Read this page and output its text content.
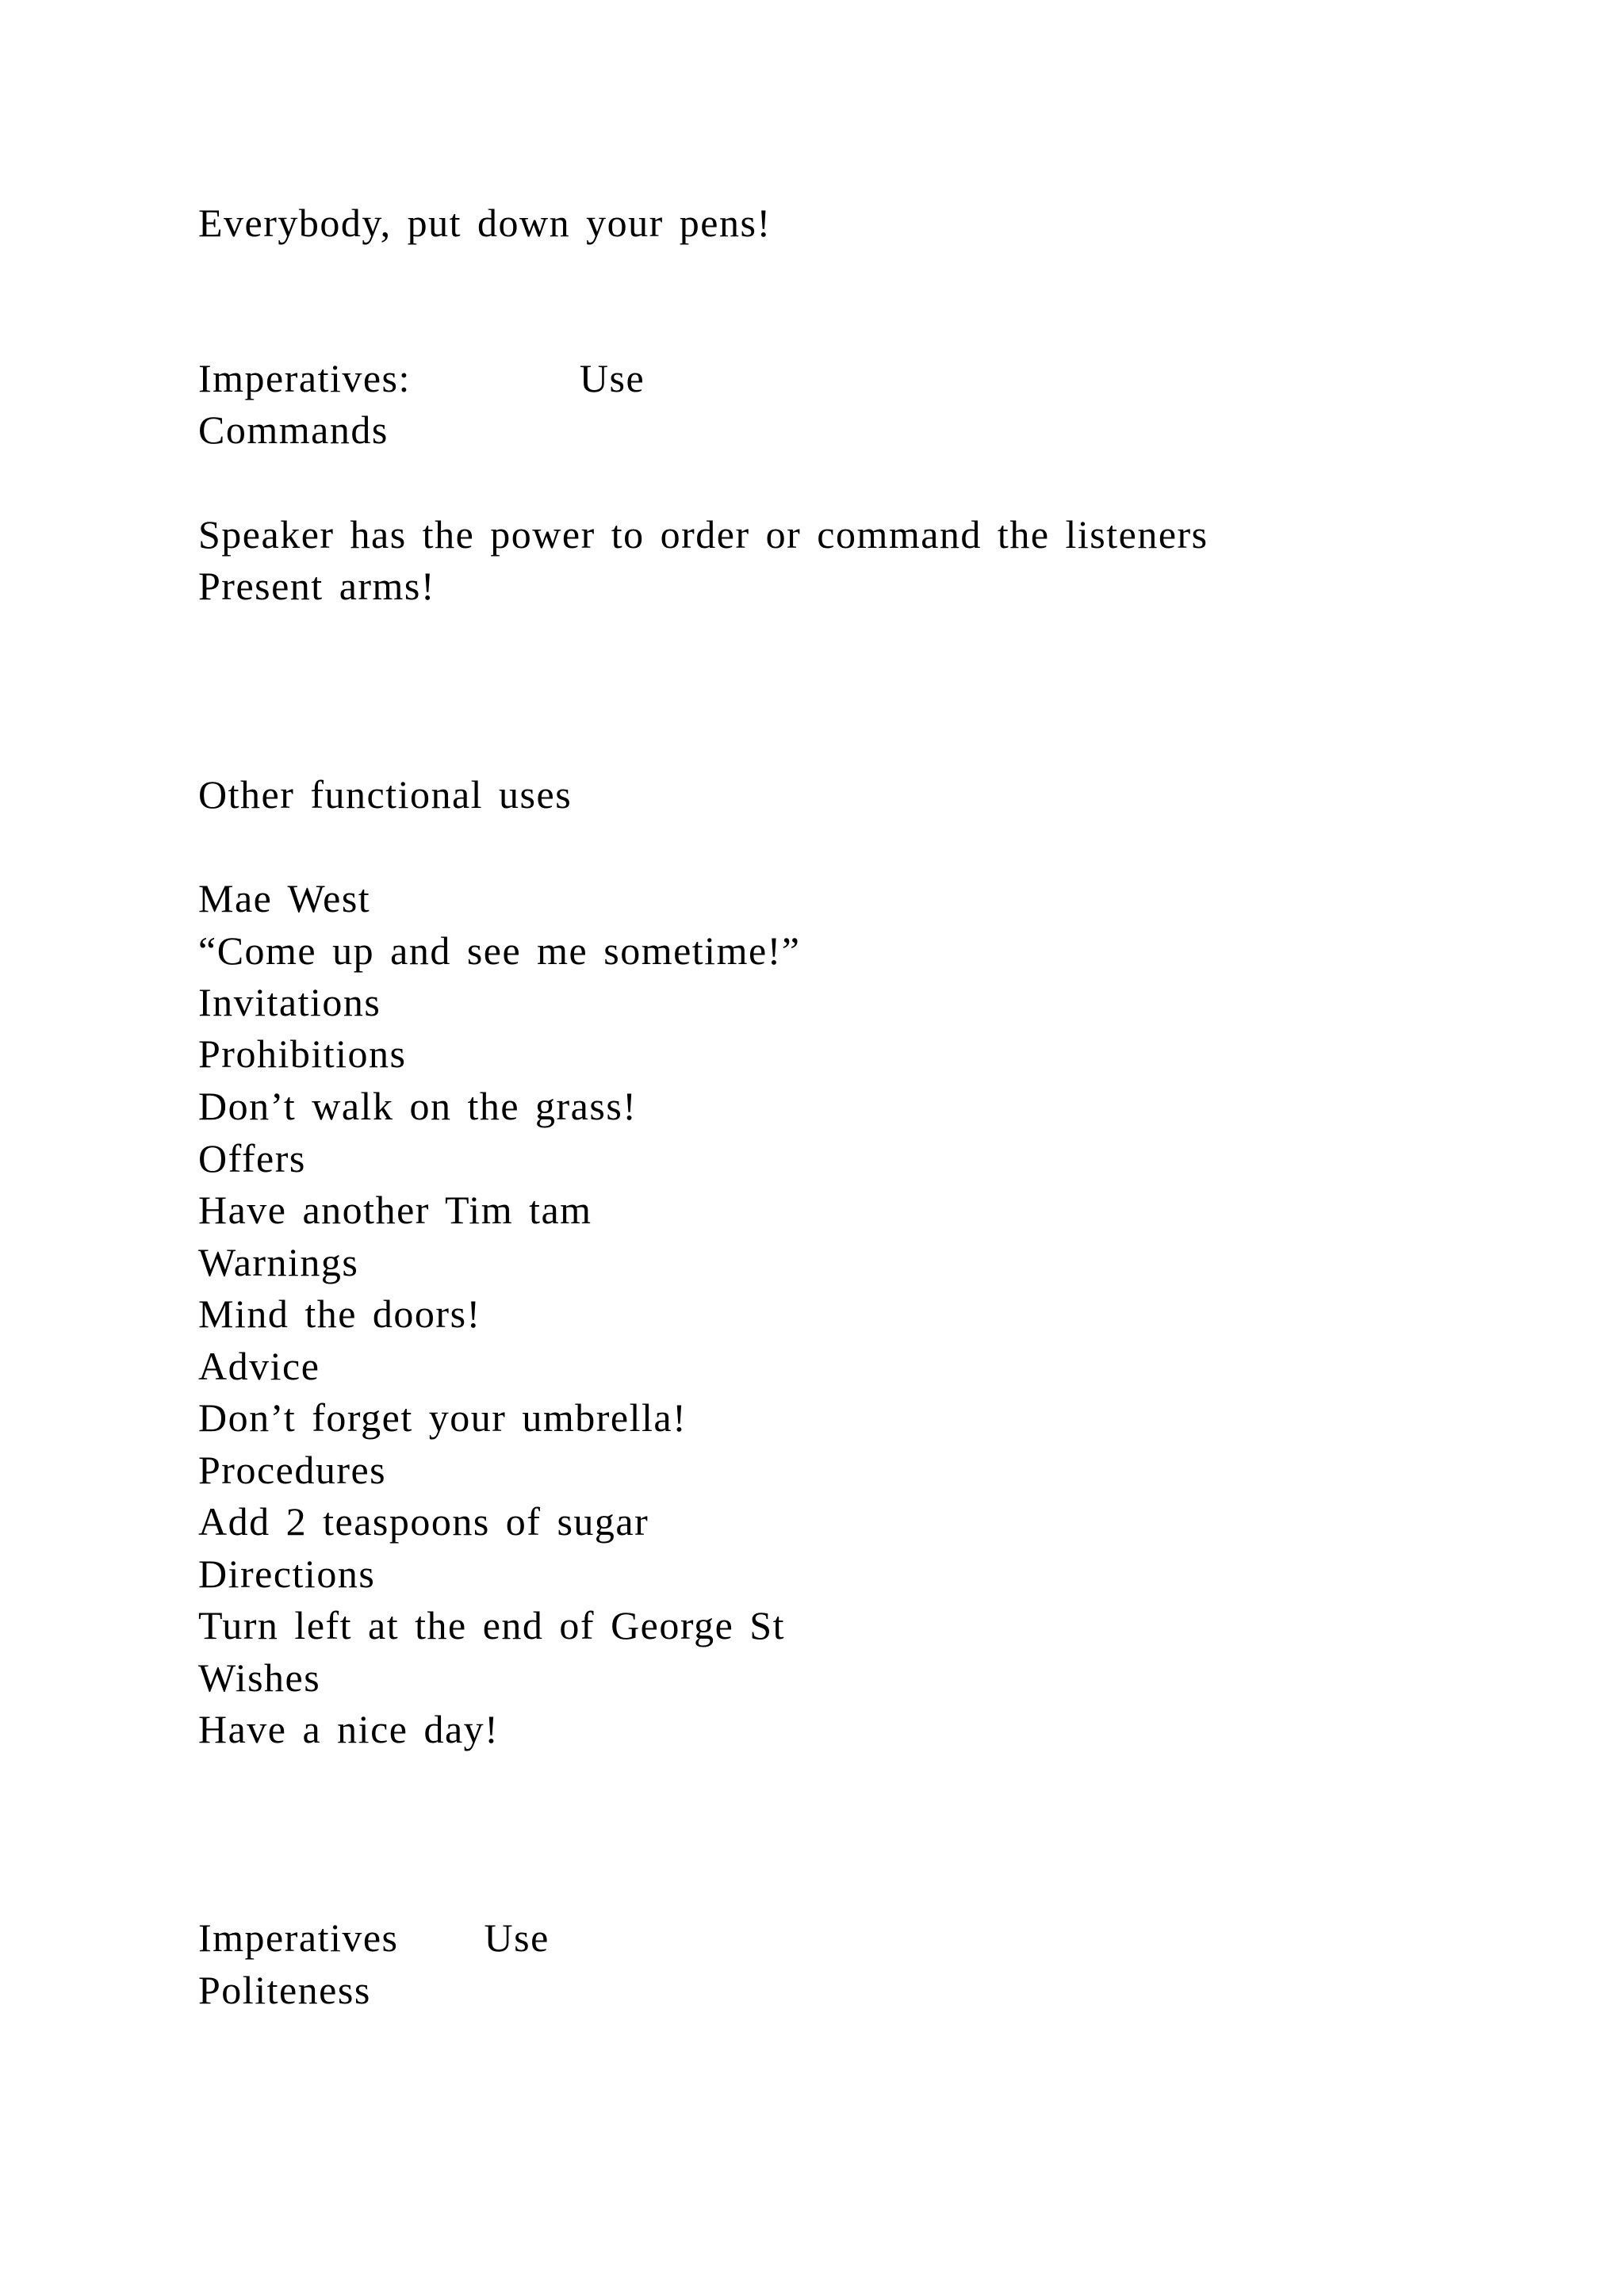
Everybody, put down your pens!
Imperatives:	Use
Commands
Speaker has the power to order or command the listeners
Present arms!
Other functional uses
Mae West
“Come up and see me sometime!”
Invitations
Prohibitions
Don’t walk on the grass!
Offers
Have another Tim tam
Warnings
Mind the doors!
Advice
Don’t forget your umbrella!
Procedures
Add 2 teaspoons of sugar
Directions
Turn left at the end of George St
Wishes
Have a nice day!
Imperatives Use
Politeness
